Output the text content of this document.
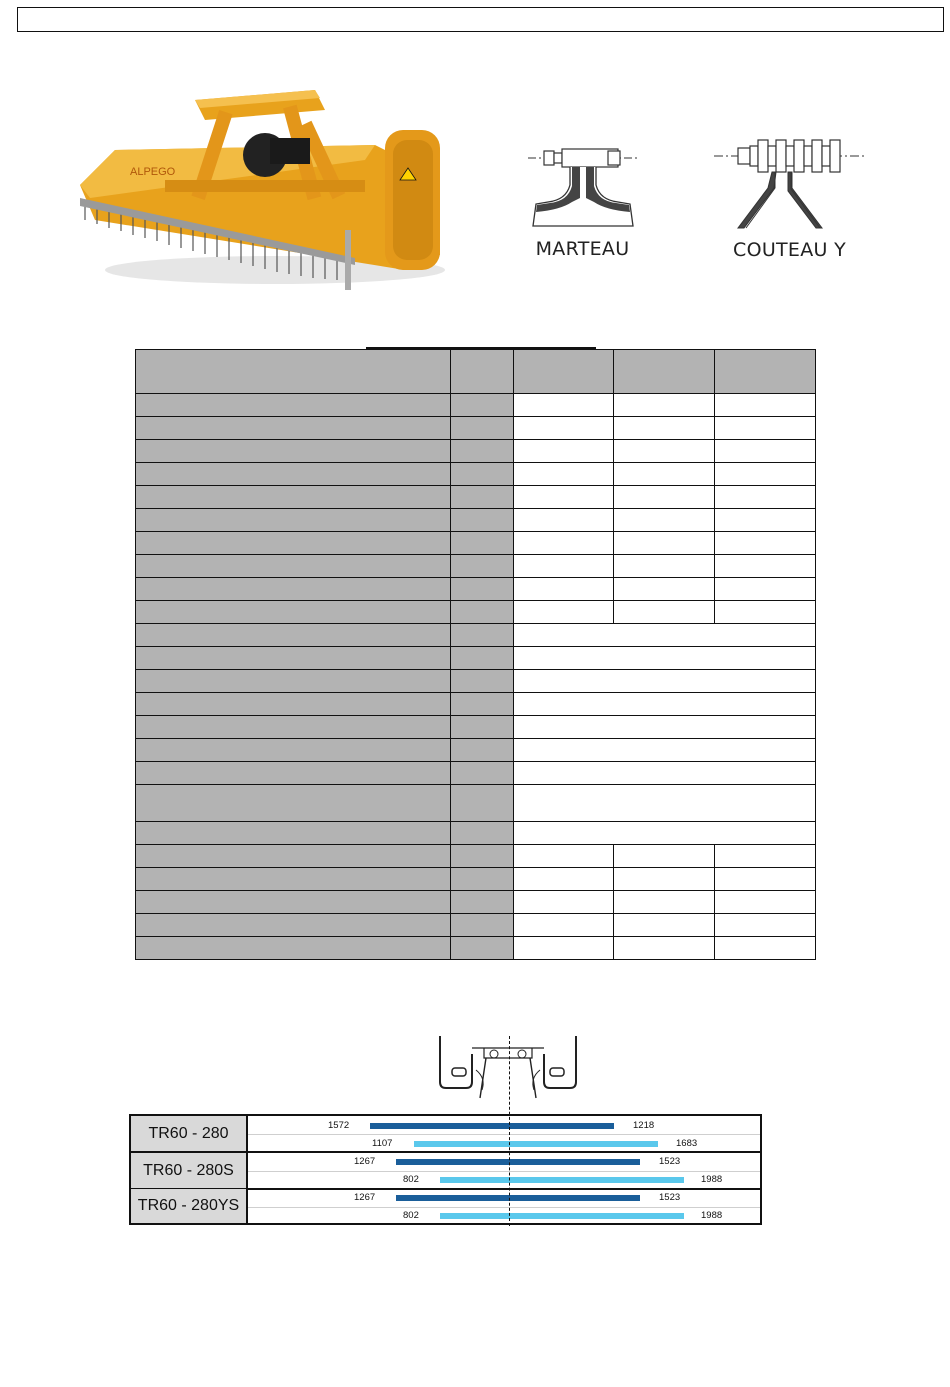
ALPEGO
MARTEAU	COUTEAU Y

TR60 - 280	1572	1218
1107	1683
TR60 - 280S
1267	1523
802	1988
TR60 - 280YS	1267	1523
802	1988
